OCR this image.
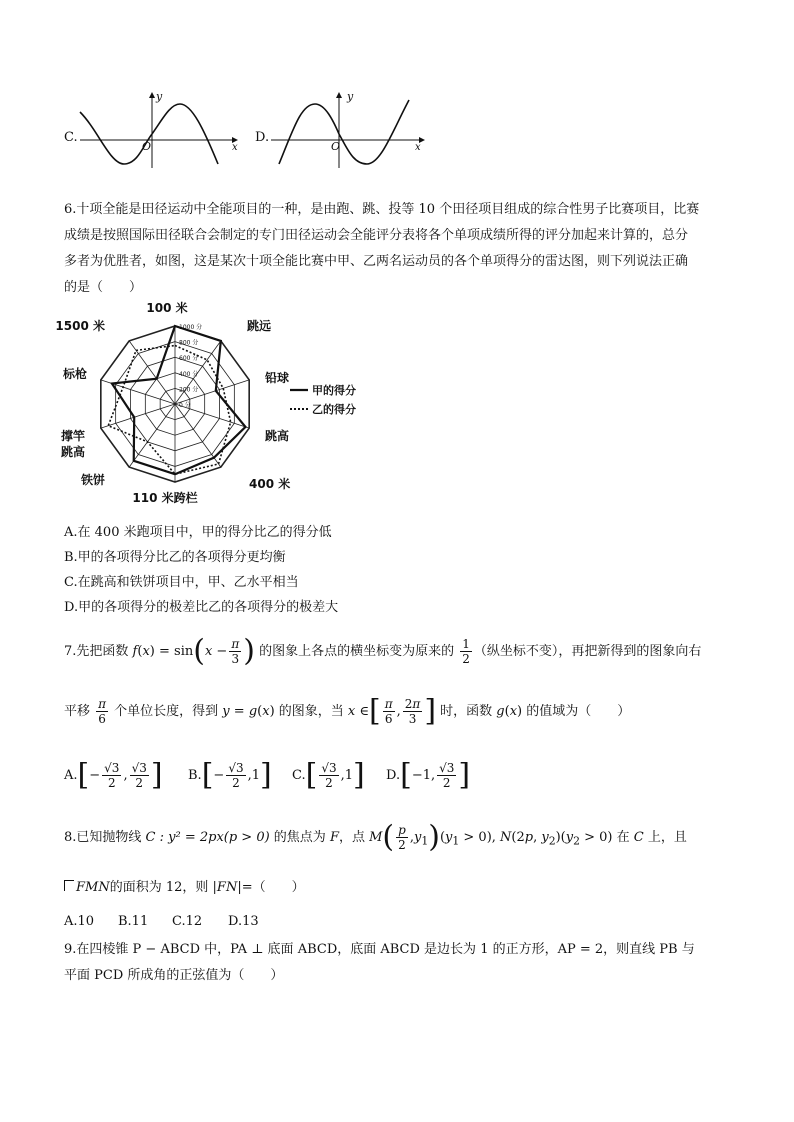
C.
y
O	x
D.
y
O	x
6.十项全能是田径运动中全能项目的一种，是由跑、跳、投等 10 个田径项目组成的综合性男子比赛项目，比赛
成绩是按照国际田径联合会制定的专门田径运动会全能评分表将各个单项成绩所得的评分加起来计算的，总分
多者为优胜者，如图，这是某次十项全能比赛中甲、乙两名运动员的各个单项得分的雷达图，则下列说法正确
的是（　　）
1000 分
800 分
600 分
400 分
200 分
0 分
100 米
跳远
铅球
跳高
400 米
110 米跨栏
铁饼
标枪
1500 米
撑竿
跳高
甲的得分
乙的得分
A.在 400 米跑项目中，甲的得分比乙的得分低
B.甲的各项得分比乙的各项得分更均衡
C.在跳高和铁饼项目中，甲、乙水平相当
D.甲的各项得分的极差比乙的各项得分的极差大
7.先把函数 $f(x) = \sin(x - \frac{\pi}{3}$ ) 的图象上各点的横坐标变为原来的 $\frac{1}{2}$ （纵坐标不变），再把新得到的图象向右
平移 $\frac{\pi}{6}$ 个单位长度，得到 y = g(x) 的图象，当 x ∈[ $\frac{\pi}{6}$ , $\frac{2\pi}{3}$ ] 时，函数 g(x) 的值域为（　　）
$A.[- \frac{√3}{2}$ , $\frac{√3}{2}$ ] $B.[- \frac{√3}{2} ,1]$ $C.[ \frac{√3}{2} ,1]$ D.[−1, $\frac{√3}{2}$ ]
8.已知抛物线 C : y² = 2px(p > 0) 的焦点为 F，点 $M( \frac{p}{2} ,y_1)(y_1 > 0)$, N(2p, $y_2)(y_2 > 0)$ 在 C 上，且
FMN的面积为 12，则 |FN|=（　　）
A.10 B.11 C.12 D.13
9.在四棱锥 P − ABCD 中，PA ⊥ 底面 ABCD，底面 ABCD 是边长为 1 的正方形，AP = 2，则直线 PB 与
平面 PCD 所成角的正弦值为（　　）
